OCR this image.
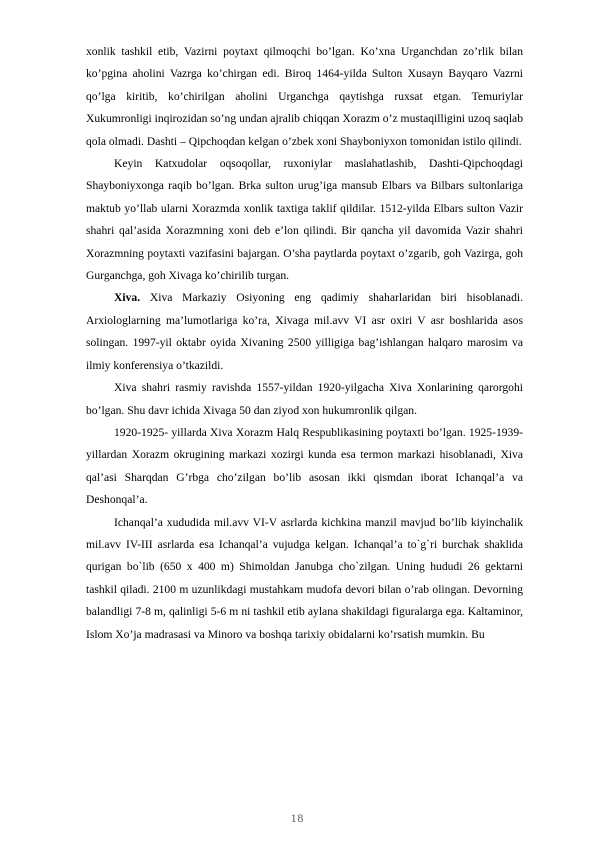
xonlik tashkil etib, Vazirni poytaxt qilmoqchi bo’lgan. Ko’xna Urganchdan zo’rlik bilan ko’pgina aholini Vazrga ko’chirgan edi. Biroq 1464-yilda Sulton Xusayn Bayqaro Vazrni qo’lga kiritib, ko’chirilgan aholini Urganchga qaytishga ruxsat etgan. Temuriylar Xukumronligi inqirozidan so’ng undan ajralib chiqqan Xorazm o’z mustaqilligini uzoq saqlab qola olmadi. Dashti – Qipchoqdan kelgan o’zbek xoni Shayboniyxon tomonidan istilo qilindi.

Keyin Katxudolar oqsoqollar, ruxoniylar maslahatlashib, Dashti-Qipchoqdagi Shayboniyxonga raqib bo’lgan. Brka sulton urug’iga mansub Elbars va Bilbars sultonlariga maktub yo’llab ularni Xorazmda xonlik taxtiga taklif qildilar. 1512-yilda Elbars sulton Vazir shahri qal’asida Xorazmning xoni deb e’lon qilindi. Bir qancha yil davomida Vazir shahri Xorazmning poytaxti vazifasini bajargan. O’sha paytlarda poytaxt o’zgarib, goh Vazirga, goh Gurganchga, goh Xivaga ko’chirilib turgan.

Xiva. Xiva Markaziy Osiyoning eng qadimiy shaharlaridan biri hisoblanadi. Arxiologlarning ma’lumotlariga ko’ra, Xivaga mil.avv VI asr oxiri V asr boshlarida asos solingan. 1997-yil oktabr oyida Xivaning 2500 yilligiga bag’ishlangan halqaro marosim va ilmiy konferensiya o’tkazildi.

Xiva shahri rasmiy ravishda 1557-yildan 1920-yilgacha Xiva Xonlarining qarorgohi bo’lgan. Shu davr ichida Xivaga 50 dan ziyod xon hukumronlik qilgan.

1920-1925- yillarda Xiva Xorazm Halq Respublikasining poytaxti bo’lgan. 1925-1939-yillardan Xorazm okrugining markazi xozirgi kunda esa termon markazi hisoblanadi, Xiva qal’asi Sharqdan G’rbga cho’zilgan bo’lib asosan ikki qismdan iborat Ichanqal’a va Deshonqal’a.

Ichanqal’a xududida mil.avv VI-V asrlarda kichkina manzil mavjud bo’lib kiyinchalik mil.avv IV-III asrlarda esa Ichanqal’a vujudga kelgan. Ichanqal’a to`g`ri burchak shaklida qurigan bo`lib (650 x 400 m) Shimoldan Janubga cho`zilgan. Uning hududi 26 gektarni tashkil qiladi. 2100 m uzunlikdagi mustahkam mudofa devori bilan o’rab olingan. Devorning balandligi 7-8 m, qalinligi 5-6 m ni tashkil etib aylana shakildagi figuralarga ega. Kaltaminor, Islom Xo’ja madrasasi va Minoro va boshqa tarixiy obidalarni ko’rsatish mumkin. Bu

18
